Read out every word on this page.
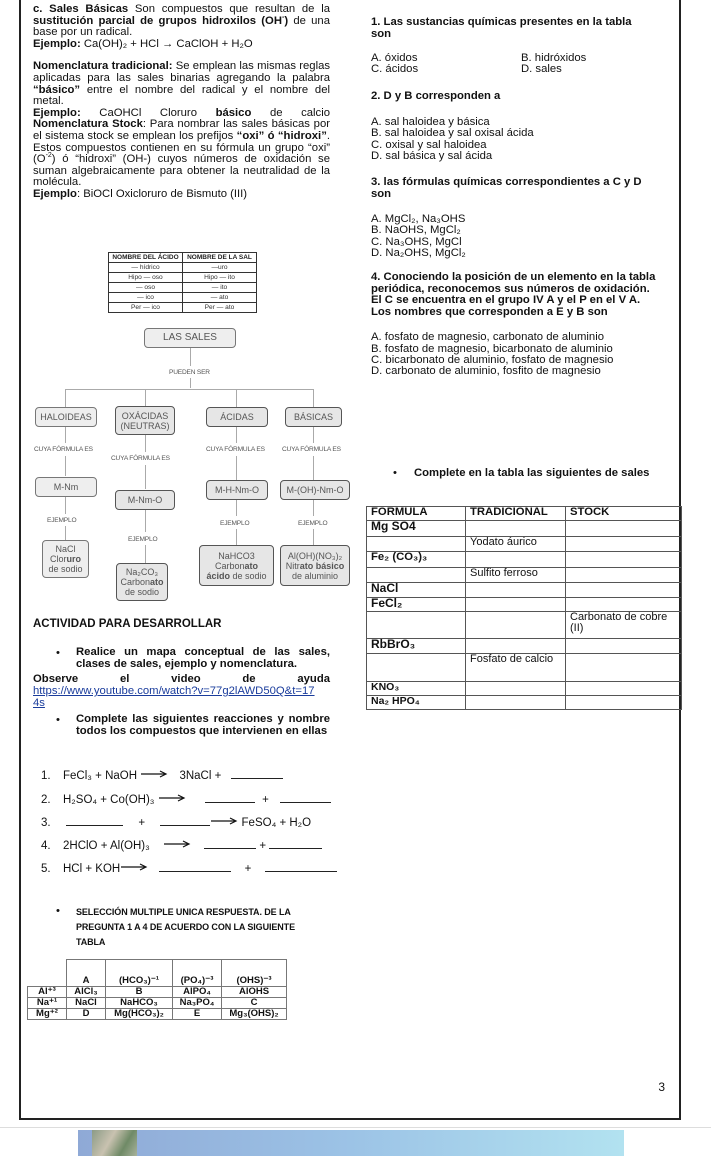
3

c. Sales Básicas Son compuestos que resultan de la sustitución parcial de grupos hidroxilos (OH-) de una base por un radical.

Ejemplo: Ca(OH)₂ + HCl → CaClOH + H₂O

Nomenclatura tradicional: Se emplean las mismas reglas aplicadas para las sales binarias agregando la palabra “básico” entre el nombre del radical y el nombre del metal.

Ejemplo: CaOHCl Cloruro básico de calcio

Nomenclatura Stock: Para nombrar las sales básicas por el sistema stock se emplean los prefijos “oxi” ó “hidroxi”. Estos compuestos contienen en su fórmula un grupo “oxi” $(O^{-2})$ ó “hidroxi” (OH-) cuyos números de oxidación se suman algebraicamente para obtener la neutralidad de la molécula.

Ejemplo: BiOCl Oxicloruro de Bismuto (III)

NOMBRE DEL ÁCIDO	NOMBRE DE LA SAL
— hídrico	—uro
Hipo — oso	Hipo — ito
— oso	— ito
— ico	— ato
Per — ico	Per — ato
LAS SALES
PUEDEN SER
HALOIDEAS	OXÁCIDAS (NEUTRAS)
ÁCIDAS	BÁSICAS
CUYA FÓRMULA ES
CUYA FÓRMULA ES
CUYA FÓRMULA ES	CUYA FÓRMULA ES
M-Nm
M-Nm-O
M-H-Nm-O	M-(OH)-Nm-O
EJEMPLO
EJEMPLO
EJEMPLO	EJEMPLO
NaCl
Cloruro
de sodio	Na₂CO₃
Carbonato
de sodio
NaHCO3
Carbonato
ácido de sodio
Al(OH)(NO₃)₂
Nitrato básico
de aluminio
ACTIVIDAD PARA DESARROLLAR
• Realice un mapa conceptual de las sales, clases de sales, ejemplo y nomenclatura.
Observe el video de ayuda
https://www.youtube.com/watch?v=77g2lAWD50Q&t=17
4s
• Complete las siguientes reacciones y nombre todos los compuestos que intervienen en ellas
1. FeCl₃ + NaOH	3NaCl +
2. H₂SO₄ + Co(OH)₃	+
3.	+	FeSO₄ + H₂O
4. 2HClO + Al(OH)₃	+
5. HCl + KOH	+
• SELECCIÓN MULTIPLE UNICA RESPUESTA. DE LA
PREGUNTA 1 A 4 DE ACUERDO CON LA SIGUIENTE
TABLA
	A	(HCO₃)⁻¹	(PO₄)⁻³	(OHS)⁻³
Al⁺³	AlCl₃	B	AlPO₄	AlOHS
Na⁺¹	NaCl	NaHCO₃	Na₃PO₄	C
Mg⁺²	D	Mg(HCO₃)₂	E	Mg₃(OHS)₂

1. Las sustancias químicas presentes en la tabla son

A. óxidos	B. hidróxidos
C. ácidos	D. sales

2. D y B corresponden a

A. sal haloidea y básica

B. sal haloidea y sal oxisal ácida

C. oxisal y sal haloidea

D. sal básica y sal ácida

3. las fórmulas químicas correspondientes a C y D son

A. MgCl₂, Na₃OHS

B. NaOHS, MgCl₂

C. Na₃OHS, MgCl

D. Na₂OHS, MgCl₂

4. Conociendo la posición de un elemento en la tabla periódica, reconocemos sus números de oxidación.

El C se encuentra en el grupo IV A y el P en el V A.

Los nombres que corresponden a E y B son

A. fosfato de magnesio, carbonato de aluminio

B. fosfato de magnesio, bicarbonato de aluminio

C. bicarbonato de aluminio, fosfato de magnesio

D. carbonato de aluminio, fosfito de magnesio

• Complete en la tabla las siguientes de sales
FORMULA	TRADICIONAL	STOCK
Mg SO4		
	Yodato áurico	
Fe₂ (CO₃)₃		
	Sulfito ferroso	
NaCl		
FeCl₂		
		Carbonato de cobre (II)
RbBrO₃		
	Fosfato de calcio	
KNO₃		
Na₂ HPO₄		
